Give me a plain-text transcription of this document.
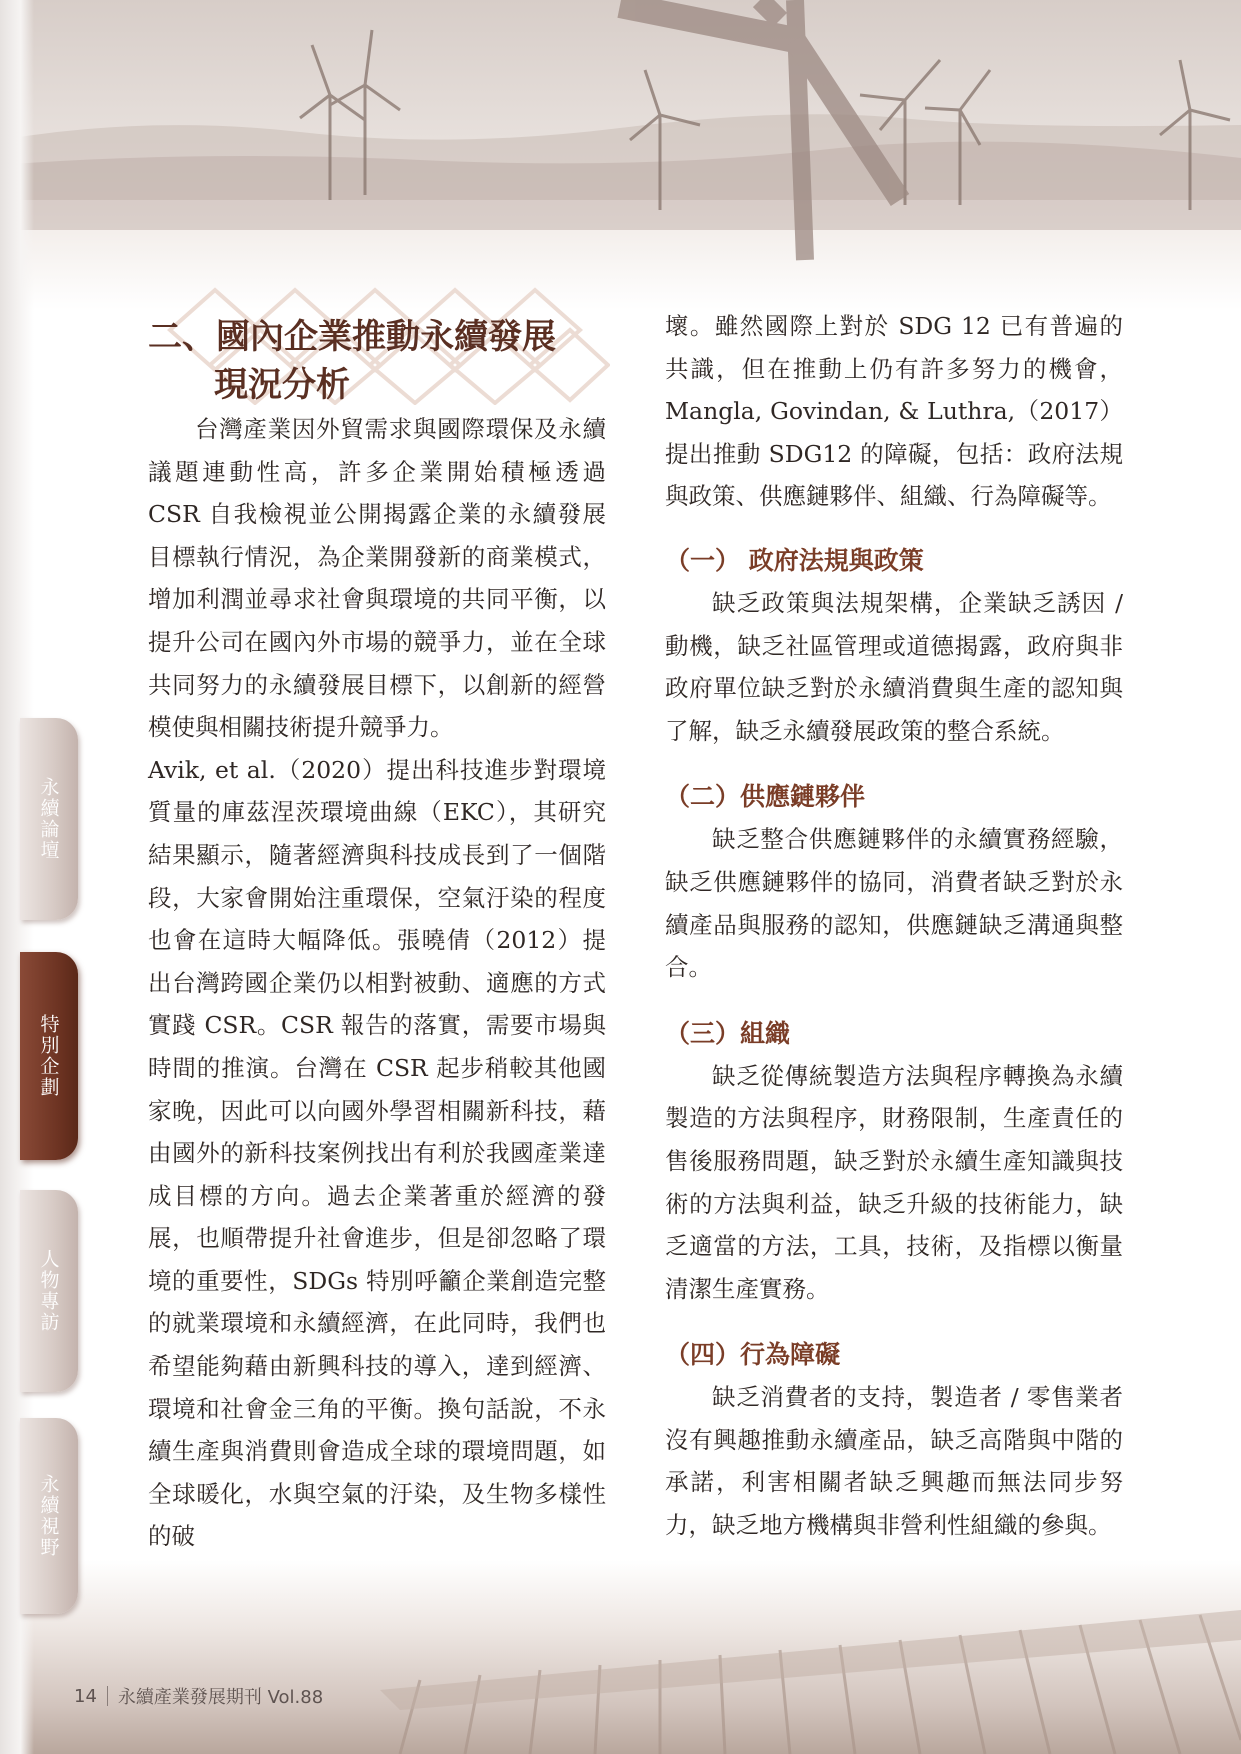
永續論壇
特別企劃
人物專訪
永續視野
二、國內企業推動永續發展
現況分析

台灣產業因外貿需求與國際環保及永續議題連動性高，許多企業開始積極透過 CSR 自我檢視並公開揭露企業的永續發展目標執行情況，為企業開發新的商業模式，增加利潤並尋求社會與環境的共同平衡，以提升公司在國內外市場的競爭力，並在全球共同努力的永續發展目標下，以創新的經營模使與相關技術提升競爭力。

Avik, et al.（2020）提出科技進步對環境質量的庫茲涅茨環境曲線（EKC），其研究結果顯示，隨著經濟與科技成長到了一個階段，大家會開始注重環保，空氣汙染的程度也會在這時大幅降低。張曉倩（2012）提出台灣跨國企業仍以相對被動、適應的方式實踐 CSR。CSR 報告的落實，需要市場與時間的推演。台灣在 CSR 起步稍較其他國家晚，因此可以向國外學習相關新科技，藉由國外的新科技案例找出有利於我國產業達成目標的方向。過去企業著重於經濟的發展，也順帶提升社會進步，但是卻忽略了環境的重要性，SDGs 特別呼籲企業創造完整的就業環境和永續經濟，在此同時，我們也希望能夠藉由新興科技的導入，達到經濟、環境和社會金三角的平衡。換句話說，不永續生產與消費則會造成全球的環境問題，如全球暖化，水與空氣的汙染，及生物多樣性的破

壞。雖然國際上對於 SDG 12 已有普遍的共識，但在推動上仍有許多努力的機會，Mangla, Govindan, & Luthra,（2017）提出推動 SDG12 的障礙，包括：政府法規與政策、供應鏈夥伴、組織、行為障礙等。

（一） 政府法規與政策

缺乏政策與法規架構，企業缺乏誘因 / 動機，缺乏社區管理或道德揭露，政府與非政府單位缺乏對於永續消費與生產的認知與了解，缺乏永續發展政策的整合系統。

（二）供應鏈夥伴

缺乏整合供應鏈夥伴的永續實務經驗，缺乏供應鏈夥伴的協同，消費者缺乏對於永續產品與服務的認知，供應鏈缺乏溝通與整合。

（三）組織

缺乏從傳統製造方法與程序轉換為永續製造的方法與程序，財務限制，生產責任的售後服務問題，缺乏對於永續生產知識與技術的方法與利益，缺乏升級的技術能力，缺乏適當的方法，工具，技術，及指標以衡量清潔生產實務。

（四）行為障礙

缺乏消費者的支持，製造者 / 零售業者沒有興趣推動永續產品，缺乏高階與中階的承諾，利害相關者缺乏興趣而無法同步努力，缺乏地方機構與非營利性組織的參與。

14 永續產業發展期刊 Vol.88
